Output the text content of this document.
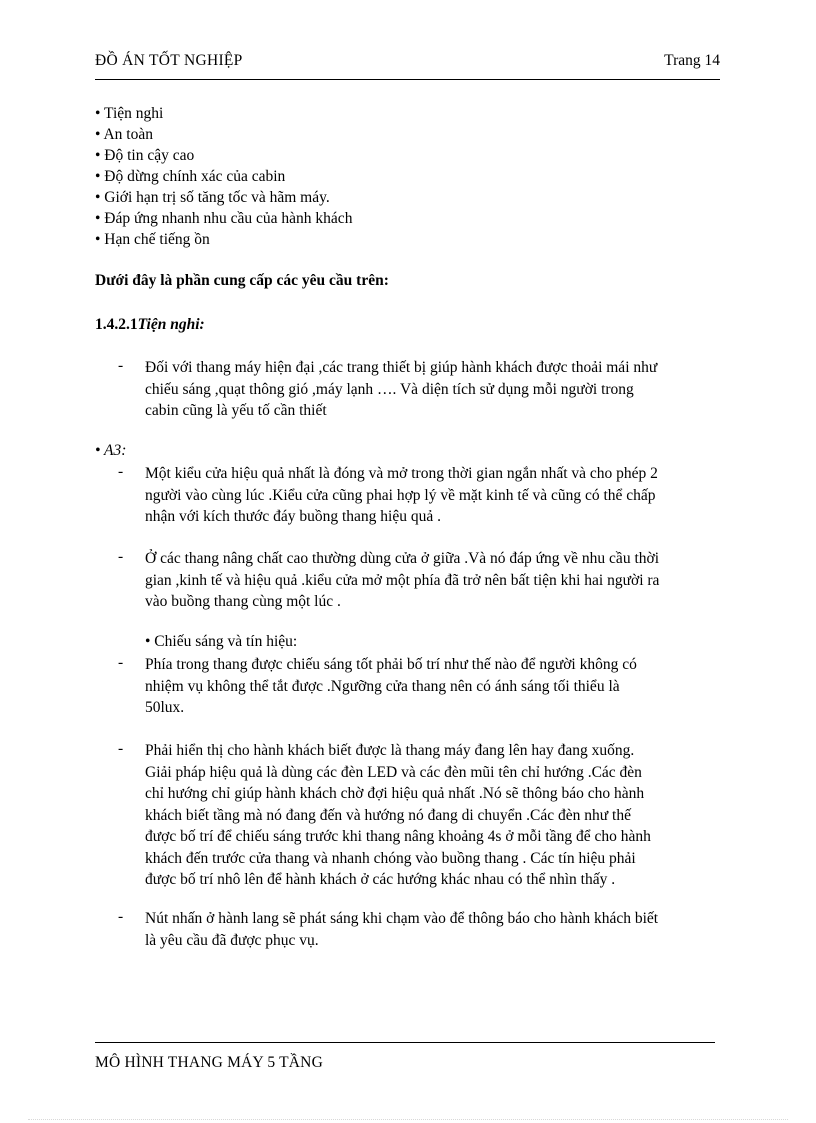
ĐỒ ÁN TỐT NGHIỆP	Trang 14
• Tiện nghi
• An toàn
• Độ tin cậy cao
• Độ dừng chính xác của cabin
• Giới hạn trị số tăng tốc và hãm máy.
• Đáp ứng nhanh nhu cầu của hành khách
• Hạn chế tiếng ồn
Dưới đây là phần cung cấp các yêu cầu trên:
1.4.2.1Tiện nghi:
-	Đối với thang máy hiện đại ,các trang thiết bị giúp hành khách được thoải mái như
chiếu sáng ,quạt thông gió ,máy lạnh …. Và diện tích sử dụng mỗi người trong
cabin cũng là yếu tố cần thiết
• A3:
-	Một kiểu cửa hiệu quả nhất là đóng và mở trong thời gian ngắn nhất và cho phép 2
người vào cùng lúc .Kiểu cửa cũng phai hợp lý về mặt kinh tế và cũng có thể chấp
nhận với kích thước đáy buồng thang hiệu quả .
-	Ở các thang nâng chất cao thường dùng cửa ở giữa .Và nó đáp ứng về nhu cầu thời
gian ,kinh tế và hiệu quả .kiểu cửa mở một phía đã trở nên bất tiện khi hai người ra
vào buồng thang cùng một lúc .
• Chiếu sáng và tín hiệu:
-	Phía trong thang được chiếu sáng tốt phải bố trí như thế nào để người không có
nhiệm vụ không thể tắt được .Ngưỡng cửa thang nên có ánh sáng tối thiểu là
50lux.
-	Phải hiển thị cho hành khách biết được là thang máy đang lên hay đang xuống.
Giải pháp hiệu quả là dùng các đèn LED và các đèn mũi tên chỉ hướng .Các đèn
chỉ hướng chỉ giúp hành khách chờ đợi hiệu quả nhất .Nó sẽ thông báo cho hành
khách biết tầng mà nó đang đến và hướng nó đang di chuyển .Các đèn như thế
được bố trí để chiếu sáng trước khi thang nâng khoảng 4s ở mỗi tầng để cho hành
khách đến trước cửa thang và nhanh chóng vào buồng thang . Các tín hiệu phải
được bố trí nhô lên để hành khách ở các hướng khác nhau có thể nhìn thấy .
-	Nút nhấn ở hành lang sẽ phát sáng khi chạm vào để thông báo cho hành khách biết
là yêu cầu đã được phục vụ.
MÔ HÌNH THANG MÁY 5 TẦNG
